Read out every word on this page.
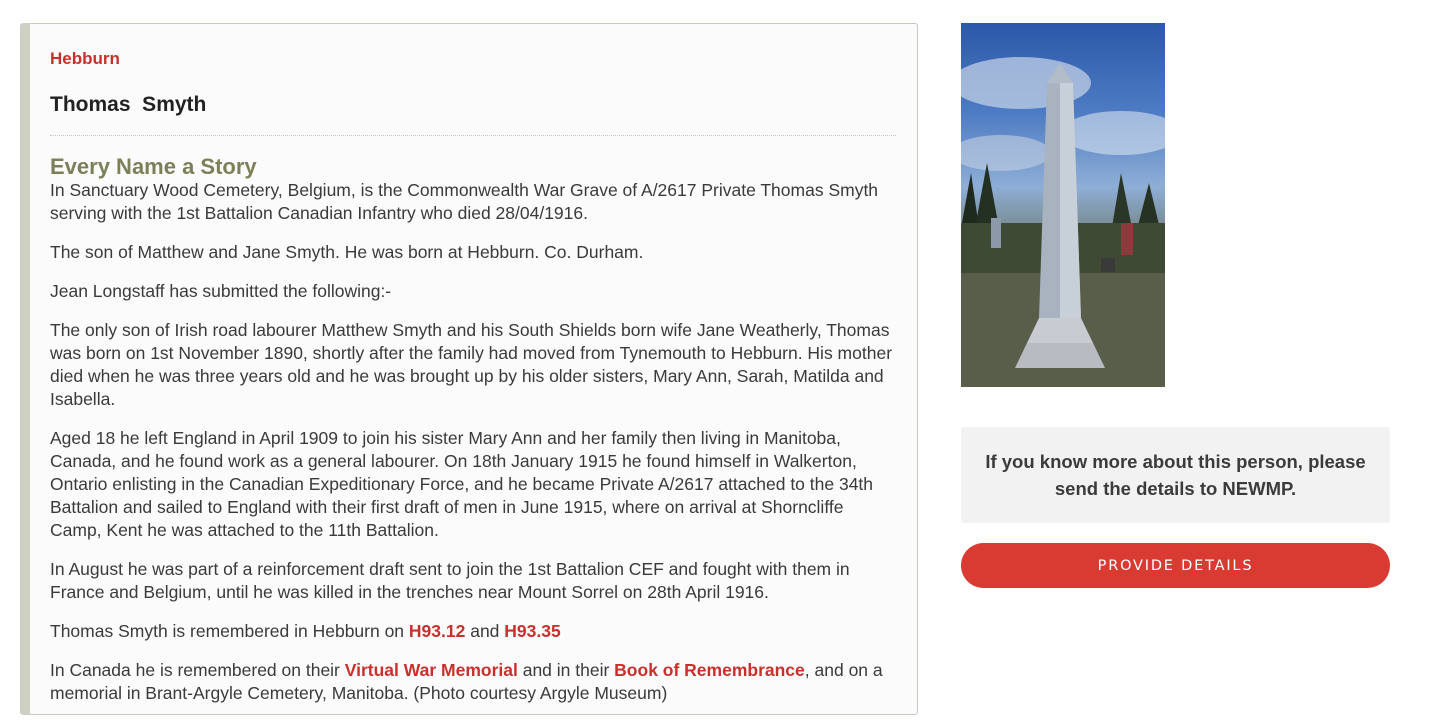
Hebburn
Thomas  Smyth
Every Name a Story

In Sanctuary Wood Cemetery, Belgium, is the Commonwealth War Grave of A/2617 Private Thomas Smyth serving with the 1st Battalion Canadian Infantry who died 28/04/1916.

The son of Matthew and Jane Smyth. He was born at Hebburn. Co. Durham.

Jean Longstaff has submitted the following:-

The only son of Irish road labourer Matthew Smyth and his South Shields born wife Jane Weatherly, Thomas was born on 1st November 1890, shortly after the family had moved from Tynemouth to Hebburn. His mother died when he was three years old and he was brought up by his older sisters, Mary Ann, Sarah, Matilda and Isabella.

Aged 18 he left England in April 1909 to join his sister Mary Ann and her family then living in Manitoba, Canada, and he found work as a general labourer. On 18th January 1915 he found himself in Walkerton, Ontario enlisting in the Canadian Expeditionary Force, and he became Private A/2617 attached to the 34th Battalion and sailed to England with their first draft of men in June 1915, where on arrival at Shorncliffe Camp, Kent he was attached to the 11th Battalion.

In August he was part of a reinforcement draft sent to join the 1st Battalion CEF and fought with them in France and Belgium, until he was killed in the trenches near Mount Sorrel on 28th April 1916.

Thomas Smyth is remembered in Hebburn on H93.12 and H93.35

In Canada he is remembered on their Virtual War Memorial and in their Book of Remembrance, and on a memorial in Brant-Argyle Cemetery, Manitoba. (Photo courtesy Argyle Museum)

If you know more about this person, please send the details to NEWMP.
PROVIDE DETAILS
